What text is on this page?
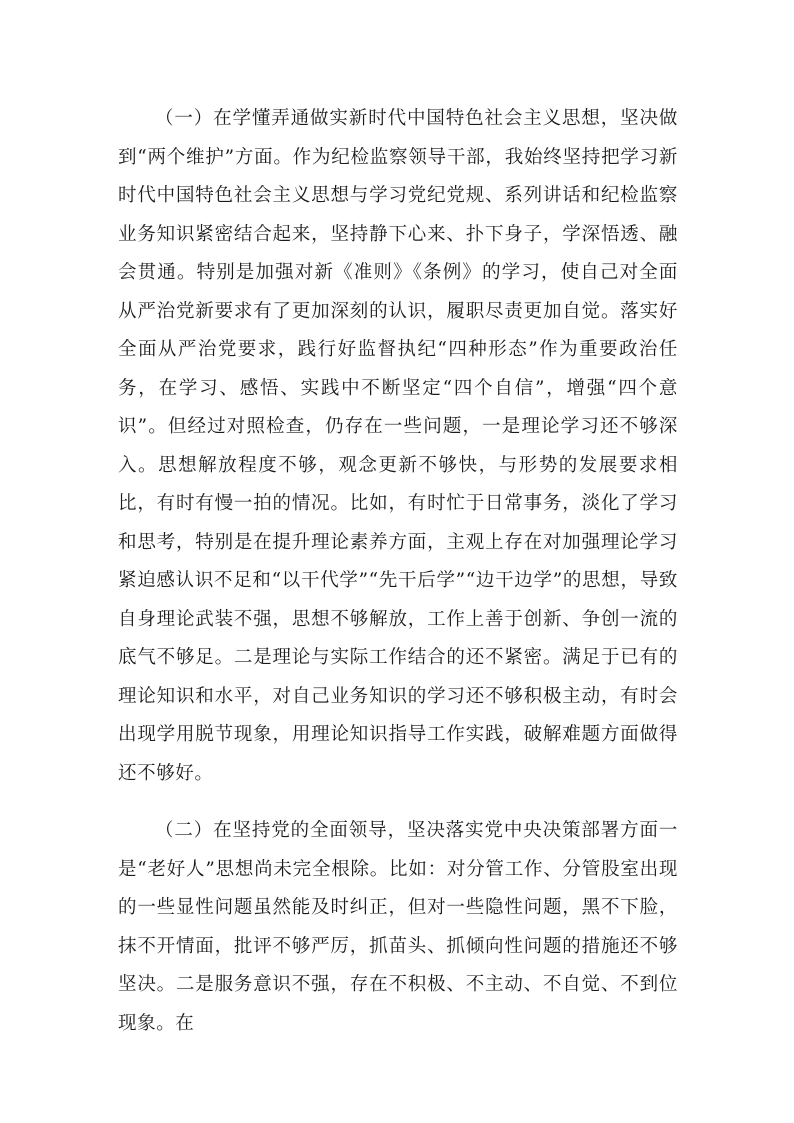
（一）在学懂弄通做实新时代中国特色社会主义思想，坚决做到“两个维护”方面。作为纪检监察领导干部，我始终坚持把学习新时代中国特色社会主义思想与学习党纪党规、系列讲话和纪检监察业务知识紧密结合起来，坚持静下心来、扑下身子，学深悟透、融会贯通。特别是加强对新《准则》《条例》的学习，使自己对全面从严治党新要求有了更加深刻的认识，履职尽责更加自觉。落实好全面从严治党要求，践行好监督执纪“四种形态”作为重要政治任务，在学习、感悟、实践中不断坚定“四个自信”，增强“四个意识”。但经过对照检查，仍存在一些问题，一是理论学习还不够深入。思想解放程度不够，观念更新不够快，与形势的发展要求相比，有时有慢一拍的情况。比如，有时忙于日常事务，淡化了学习和思考，特别是在提升理论素养方面，主观上存在对加强理论学习紧迫感认识不足和“以干代学”“先干后学”“边干边学”的思想，导致自身理论武装不强，思想不够解放，工作上善于创新、争创一流的底气不够足。二是理论与实际工作结合的还不紧密。满足于已有的理论知识和水平，对自己业务知识的学习还不够积极主动，有时会出现学用脱节现象，用理论知识指导工作实践，破解难题方面做得还不够好。

（二）在坚持党的全面领导，坚决落实党中央决策部署方面一是“老好人”思想尚未完全根除。比如：对分管工作、分管股室出现的一些显性问题虽然能及时纠正，但对一些隐性问题，黑不下脸，抹不开情面，批评不够严厉，抓苗头、抓倾向性问题的措施还不够坚决。二是服务意识不强，存在不积极、不主动、不自觉、不到位现象。在
